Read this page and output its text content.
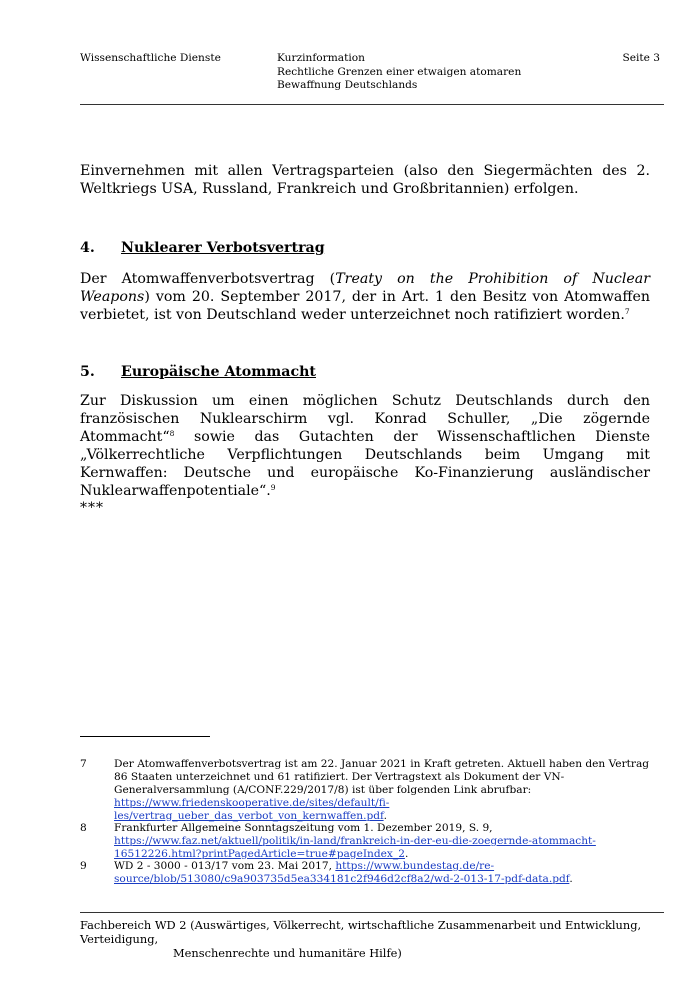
Wissenschaftliche Dienste	Kurzinformation
Rechtliche Grenzen einer etwaigen atomaren
Bewaffnung Deutschlands
Seite 3
Einvernehmen mit allen Vertragsparteien (also den Siegermächten des 2. Weltkriegs USA, Russland, Frankreich und Großbritannien) erfolgen.
4. Nuklearer Verbotsvertrag
Der Atomwaffenverbotsvertrag (Treaty on the Prohibition of Nuclear Weapons) vom 20. September 2017, der in Art. 1 den Besitz von Atomwaffen verbietet, ist von Deutschland weder unterzeichnet noch ratifiziert worden.$^7$
5. Europäische Atommacht
Zur Diskussion um einen möglichen Schutz Deutschlands durch den französischen Nuklearschirm vgl. Konrad Schuller, „Die zögernde Atommacht“$^8$ sowie das Gutachten der Wissenschaftlichen Dienste „Völkerrechtliche Verpflichtungen Deutschlands beim Umgang mit Kernwaffen: Deutsche und europäische Ko-Finanzierung ausländischer Nuklearwaffenpotentiale“.$^9$
***
7	Der Atomwaffenverbotsvertrag ist am 22. Januar 2021 in Kraft getreten. Aktuell haben den Vertrag 86 Staaten unterzeichnet und 61 ratifiziert. Der Vertragstext als Dokument der VN-Generalversammlung (A/CONF.229/2017/8) ist über folgenden Link abrufbar: https://www.friedenskooperative.de/sites/default/fi-les/vertrag_ueber_das_verbot_von_kernwaffen.pdf.
8	Frankfurter Allgemeine Sonntagszeitung vom 1. Dezember 2019, S. 9, https://www.faz.net/aktuell/politik/in-land/frankreich-in-der-eu-die-zoegernde-atommacht-16512226.html?printPagedArticle=true#pageIndex_2.
9	WD 2 - 3000 - 013/17 vom 23. Mai 2017, https://www.bundestag.de/re-source/blob/513080/c9a903735d5ea334181c2f946d2cf8a2/wd-2-013-17-pdf-data.pdf.
Fachbereich WD 2 (Auswärtiges, Völkerrecht, wirtschaftliche Zusammenarbeit und Entwicklung, Verteidigung,
Menschenrechte und humanitäre Hilfe)
